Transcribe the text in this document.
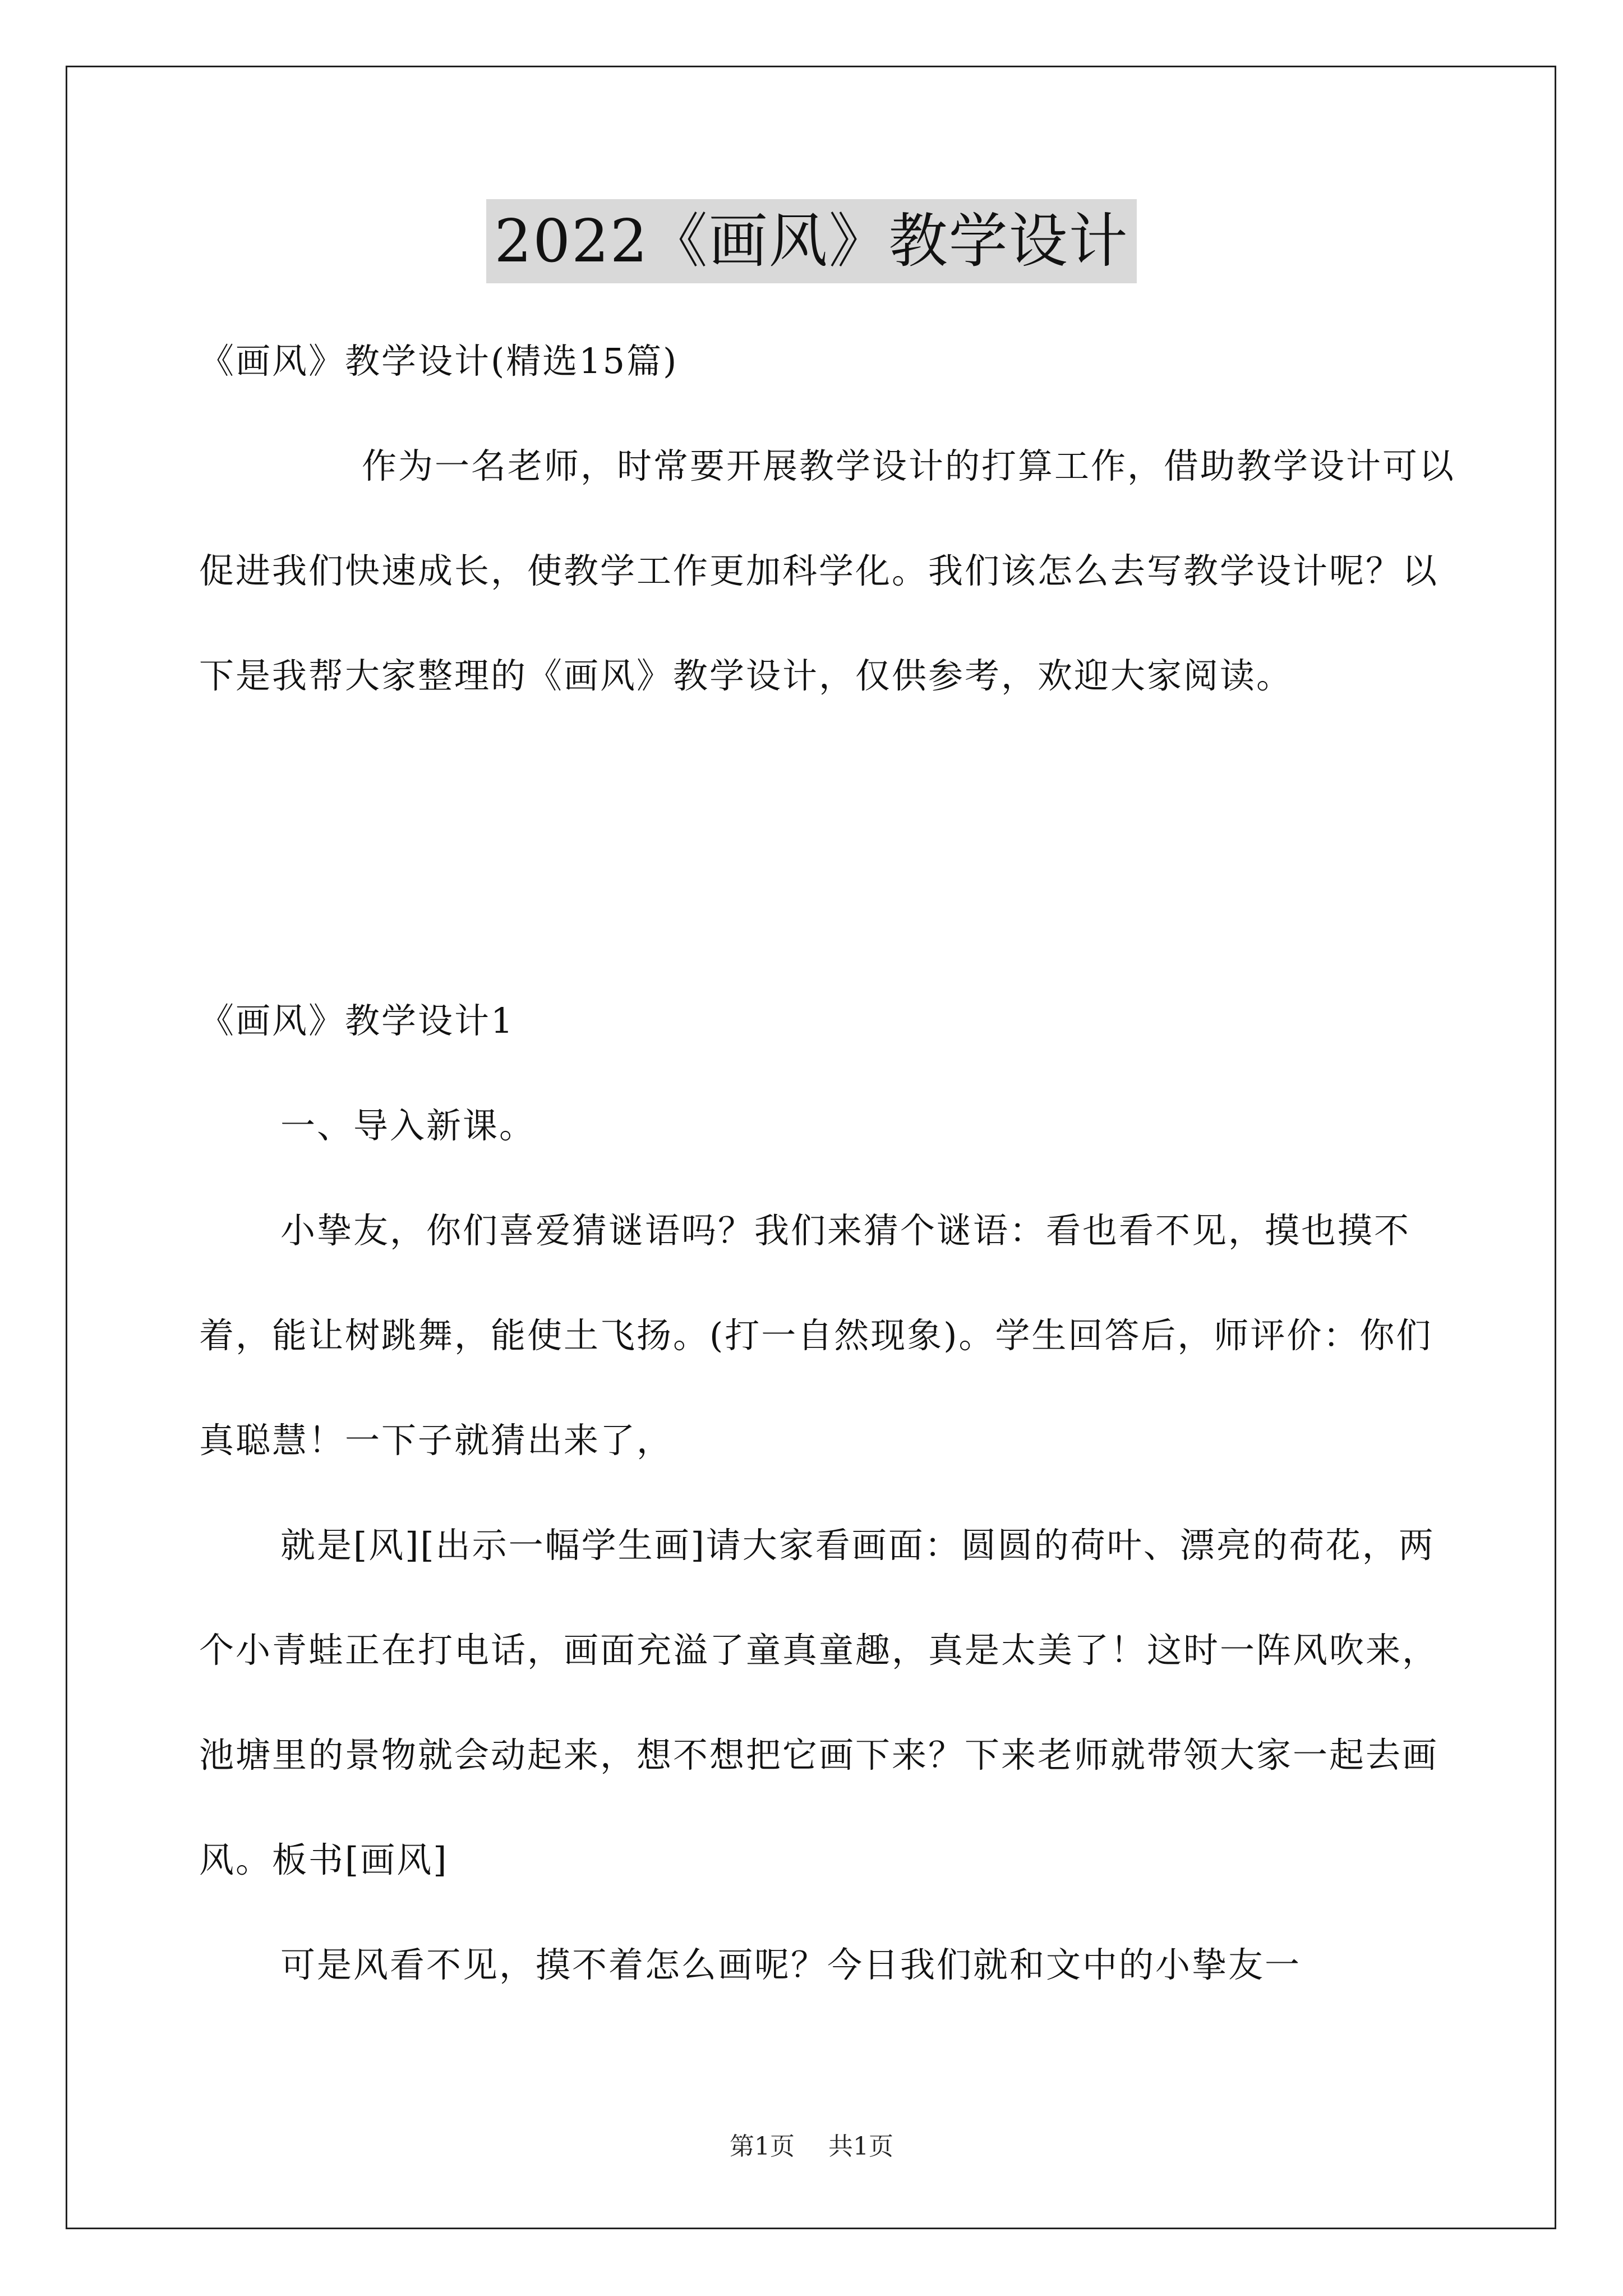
2022《画风》教学设计

《画风》教学设计(精选15篇)

作为一名老师，时常要开展教学设计的打算工作，借助教学设计可以促进我们快速成长，使教学工作更加科学化。我们该怎么去写教学设计呢？以下是我帮大家整理的《画风》教学设计，仅供参考，欢迎大家阅读。

《画风》教学设计1

一、导入新课。

小挚友，你们喜爱猜谜语吗？我们来猜个谜语：看也看不见，摸也摸不着，能让树跳舞，能使土飞扬。(打一自然现象)。学生回答后，师评价：你们真聪慧！一下子就猜出来了，

就是[风][出示一幅学生画]请大家看画面：圆圆的荷叶、漂亮的荷花，两个小青蛙正在打电话，画面充溢了童真童趣，真是太美了！这时一阵风吹来，池塘里的景物就会动起来，想不想把它画下来？下来老师就带领大家一起去画风。板书[画风]

可是风看不见，摸不着怎么画呢？今日我们就和文中的小挚友一

第1页 共1页
